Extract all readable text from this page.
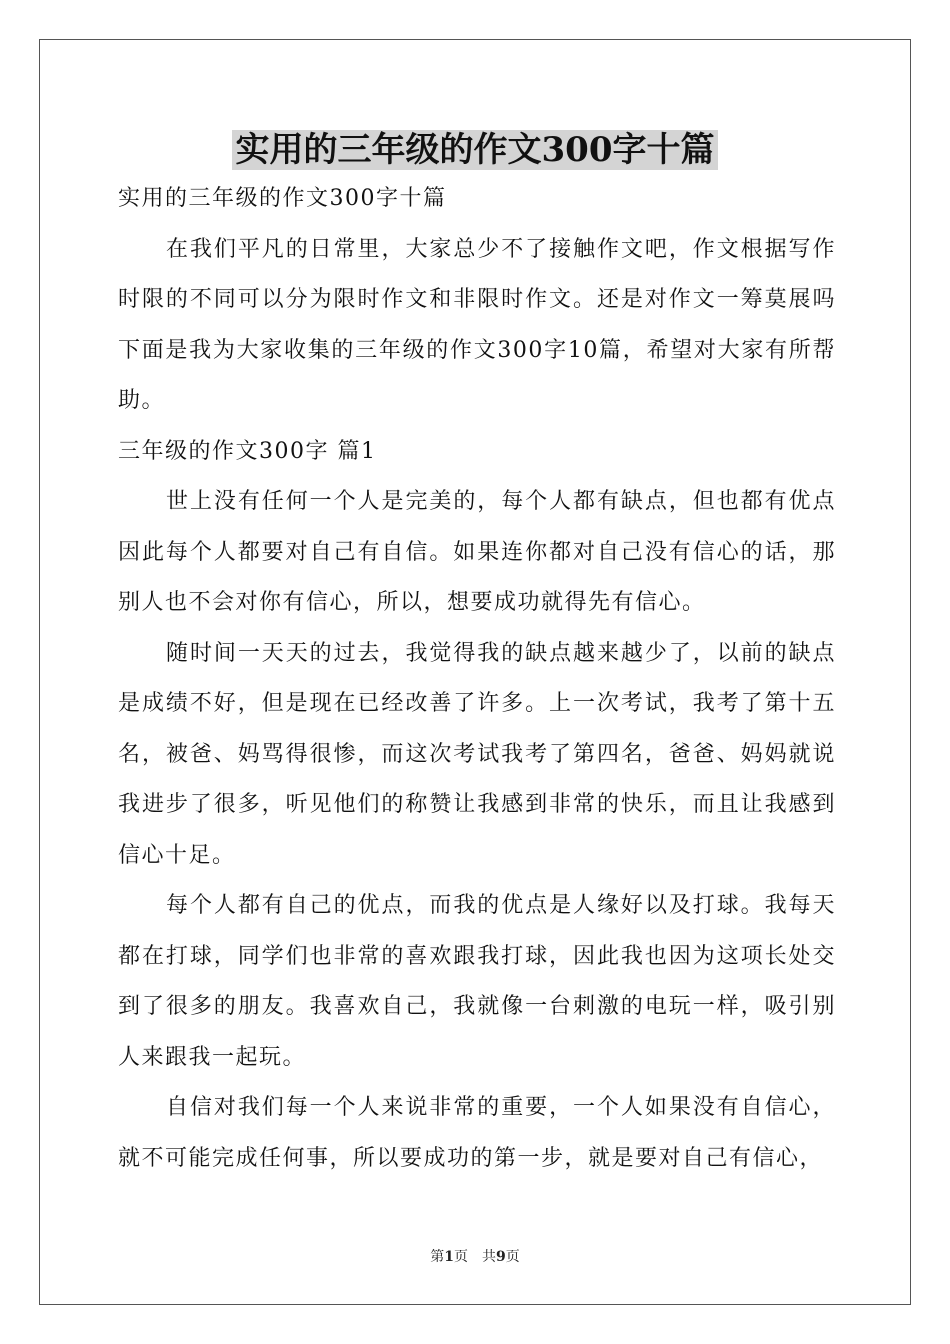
实用的三年级的作文300字十篇

实用的三年级的作文300字十篇

在我们平凡的日常里，大家总少不了接触作文吧，作文根据写作时限的不同可以分为限时作文和非限时作文。还是对作文一筹莫展吗下面是我为大家收集的三年级的作文300字10篇，希望对大家有所帮助。

三年级的作文300字 篇1

世上没有任何一个人是完美的，每个人都有缺点，但也都有优点因此每个人都要对自己有自信。如果连你都对自己没有信心的话，那别人也不会对你有信心，所以，想要成功就得先有信心。

随时间一天天的过去，我觉得我的缺点越来越少了，以前的缺点是成绩不好，但是现在已经改善了许多。上一次考试，我考了第十五名，被爸、妈骂得很惨，而这次考试我考了第四名，爸爸、妈妈就说我进步了很多，听见他们的称赞让我感到非常的快乐，而且让我感到信心十足。

每个人都有自己的优点，而我的优点是人缘好以及打球。我每天都在打球，同学们也非常的喜欢跟我打球，因此我也因为这项长处交到了很多的朋友。我喜欢自己，我就像一台刺激的电玩一样，吸引别人来跟我一起玩。

自信对我们每一个人来说非常的重要，一个人如果没有自信心，就不可能完成任何事，所以要成功的第一步，就是要对自己有信心，

第1页 共9页
